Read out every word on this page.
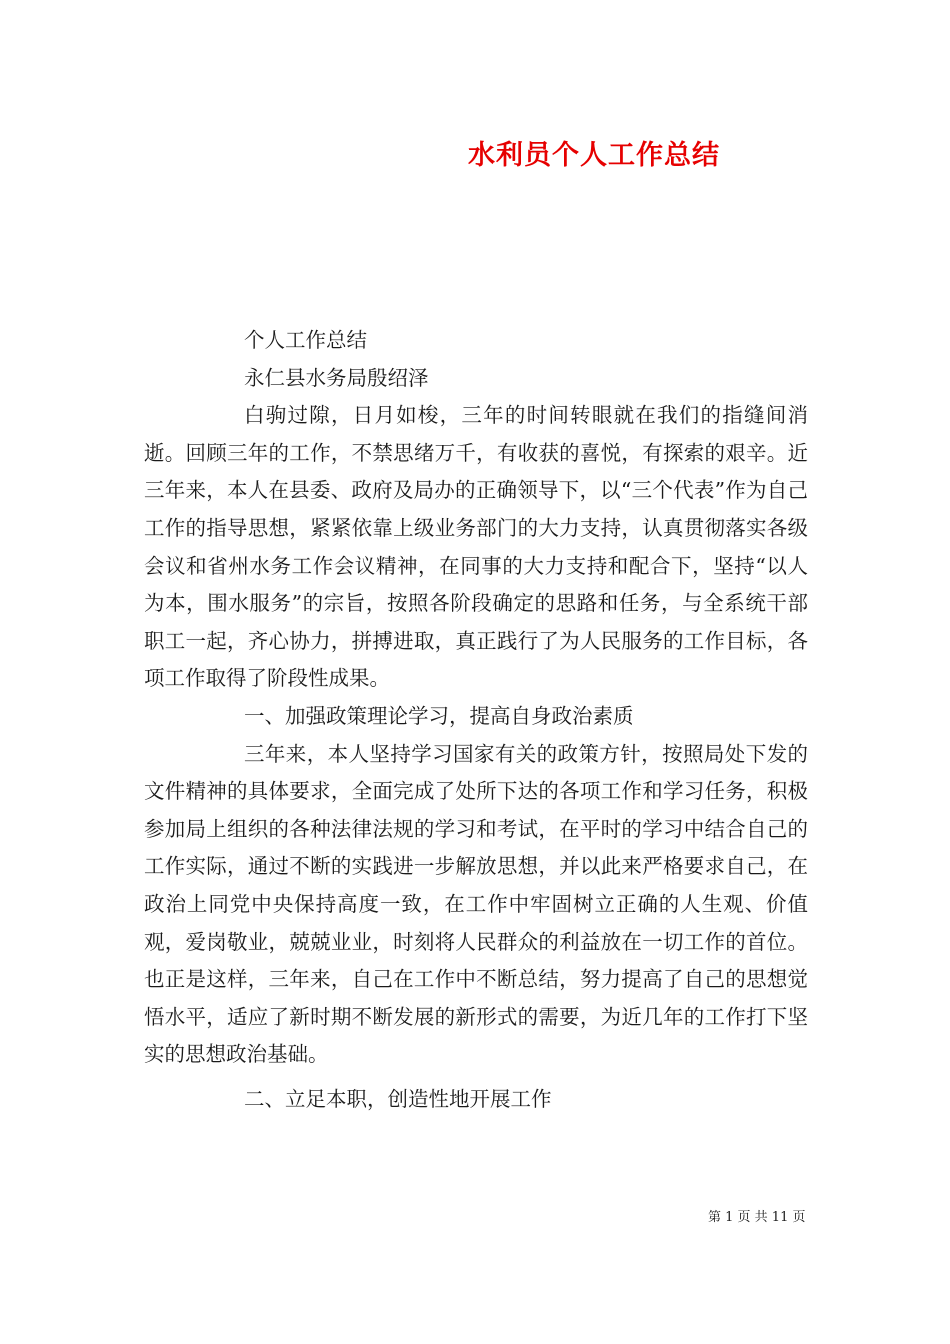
水利员个人工作总结

个人工作总结

永仁县水务局殷绍泽

白驹过隙，日月如梭，三年的时间转眼就在我们的指缝间消逝。回顾三年的工作，不禁思绪万千，有收获的喜悦，有探索的艰辛。近三年来，本人在县委、政府及局办的正确领导下，以“三个代表”作为自己工作的指导思想，紧紧依靠上级业务部门的大力支持，认真贯彻落实各级会议和省州水务工作会议精神，在同事的大力支持和配合下，坚持“以人为本，围水服务”的宗旨，按照各阶段确定的思路和任务，与全系统干部职工一起，齐心协力，拼搏进取，真正践行了为人民服务的工作目标，各项工作取得了阶段性成果。

一、加强政策理论学习，提高自身政治素质

三年来，本人坚持学习国家有关的政策方针，按照局处下发的文件精神的具体要求，全面完成了处所下达的各项工作和学习任务，积极参加局上组织的各种法律法规的学习和考试，在平时的学习中结合自己的工作实际，通过不断的实践进一步解放思想，并以此来严格要求自己，在政治上同党中央保持高度一致，在工作中牢固树立正确的人生观、价值观，爱岗敬业，兢兢业业，时刻将人民群众的利益放在一切工作的首位。也正是这样，三年来，自己在工作中不断总结，努力提高了自己的思想觉悟水平，适应了新时期不断发展的新形式的需要，为近几年的工作打下坚实的思想政治基础。

二、立足本职，创造性地开展工作

第 1 页 共 11 页
